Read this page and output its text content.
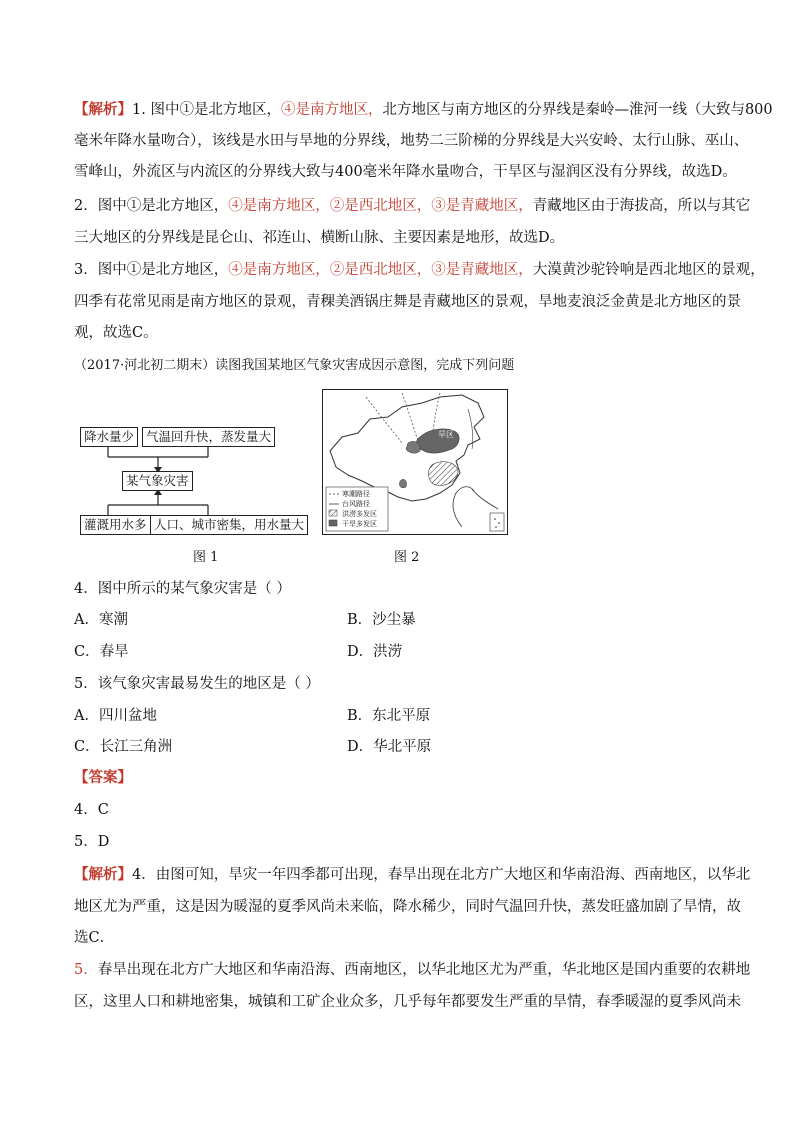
【解析】1. 图中①是北方地区，④是南方地区，北方地区与南方地区的分界线是秦岭—淮河一线（大致与800
毫米年降水量吻合），该线是水田与旱地的分界线，地势二三阶梯的分界线是大兴安岭、太行山脉、巫山、
雪峰山，外流区与内流区的分界线大致与400毫米年降水量吻合，干旱区与湿润区没有分界线，故选D。
2．图中①是北方地区，④是南方地区，②是西北地区，③是青藏地区，青藏地区由于海拔高，所以与其它
三大地区的分界线是昆仑山、祁连山、横断山脉、主要因素是地形，故选D。
3．图中①是北方地区，④是南方地区，②是西北地区，③是青藏地区，大漠黄沙驼铃响是西北地区的景观，
四季有花常见雨是南方地区的景观，青稞美酒锅庄舞是青藏地区的景观，旱地麦浪泛金黄是北方地区的景
观，故选C。
（2017·河北初二期末）读图我国某地区气象灾害成因示意图，完成下列问题
降水量少 气温回升快，蒸发量大
某气象灾害
灌溉用水多 人口、城市密集，用水量大
图 1
旱区
寒潮路径
台风路径
洪涝多发区
干旱多发区
图 2
4．图中所示的某气象灾害是（ ）
A．寒潮	B．沙尘暴
C．春旱	D．洪涝
5．该气象灾害最易发生的地区是（ ）
A．四川盆地	B．东北平原
C．长江三角洲	D．华北平原
【答案】
4．C
5．D
【解析】4．由图可知，旱灾一年四季都可出现，春旱出现在北方广大地区和华南沿海、西南地区，以华北
地区尤为严重，这是因为暖湿的夏季风尚未来临，降水稀少，同时气温回升快，蒸发旺盛加剧了旱情，故
选C．
5．春旱出现在北方广大地区和华南沿海、西南地区，以华北地区尤为严重，华北地区是国内重要的农耕地
区，这里人口和耕地密集，城镇和工矿企业众多，几乎每年都要发生严重的旱情，春季暖湿的夏季风尚未
